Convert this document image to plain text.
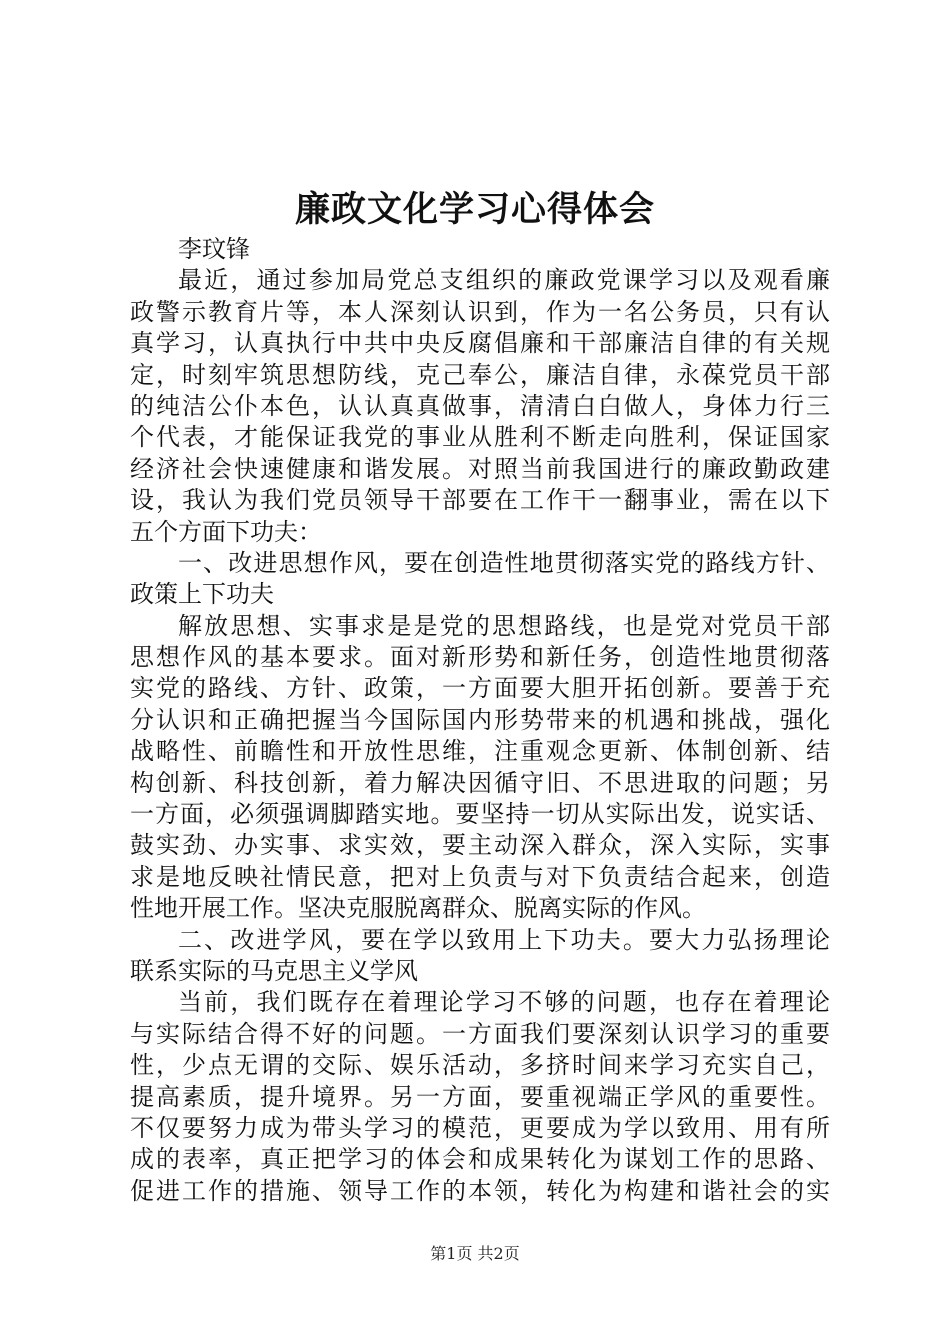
廉政文化学习心得体会
李玟锋
最近，通过参加局党总支组织的廉政党课学习以及观看廉
政警示教育片等，本人深刻认识到，作为一名公务员，只有认
真学习，认真执行中共中央反腐倡廉和干部廉洁自律的有关规
定，时刻牢筑思想防线，克己奉公，廉洁自律，永葆党员干部
的纯洁公仆本色，认认真真做事，清清白白做人，身体力行三
个代表，才能保证我党的事业从胜利不断走向胜利，保证国家
经济社会快速健康和谐发展。对照当前我国进行的廉政勤政建
设，我认为我们党员领导干部要在工作干一翻事业，需在以下
五个方面下功夫：
一、改进思想作风，要在创造性地贯彻落实党的路线方针、
政策上下功夫
解放思想、实事求是是党的思想路线，也是党对党员干部
思想作风的基本要求。面对新形势和新任务，创造性地贯彻落
实党的路线、方针、政策，一方面要大胆开拓创新。要善于充
分认识和正确把握当今国际国内形势带来的机遇和挑战，强化
战略性、前瞻性和开放性思维，注重观念更新、体制创新、结
构创新、科技创新，着力解决因循守旧、不思进取的问题；另
一方面，必须强调脚踏实地。要坚持一切从实际出发，说实话、
鼓实劲、办实事、求实效，要主动深入群众，深入实际，实事
求是地反映社情民意，把对上负责与对下负责结合起来，创造
性地开展工作。坚决克服脱离群众、脱离实际的作风。
二、改进学风，要在学以致用上下功夫。要大力弘扬理论
联系实际的马克思主义学风
当前，我们既存在着理论学习不够的问题，也存在着理论
与实际结合得不好的问题。一方面我们要深刻认识学习的重要
性，少点无谓的交际、娱乐活动，多挤时间来学习充实自己，
提高素质，提升境界。另一方面，要重视端正学风的重要性。
不仅要努力成为带头学习的模范，更要成为学以致用、用有所
成的表率，真正把学习的体会和成果转化为谋划工作的思路、
促进工作的措施、领导工作的本领，转化为构建和谐社会的实
第1页 共2页
